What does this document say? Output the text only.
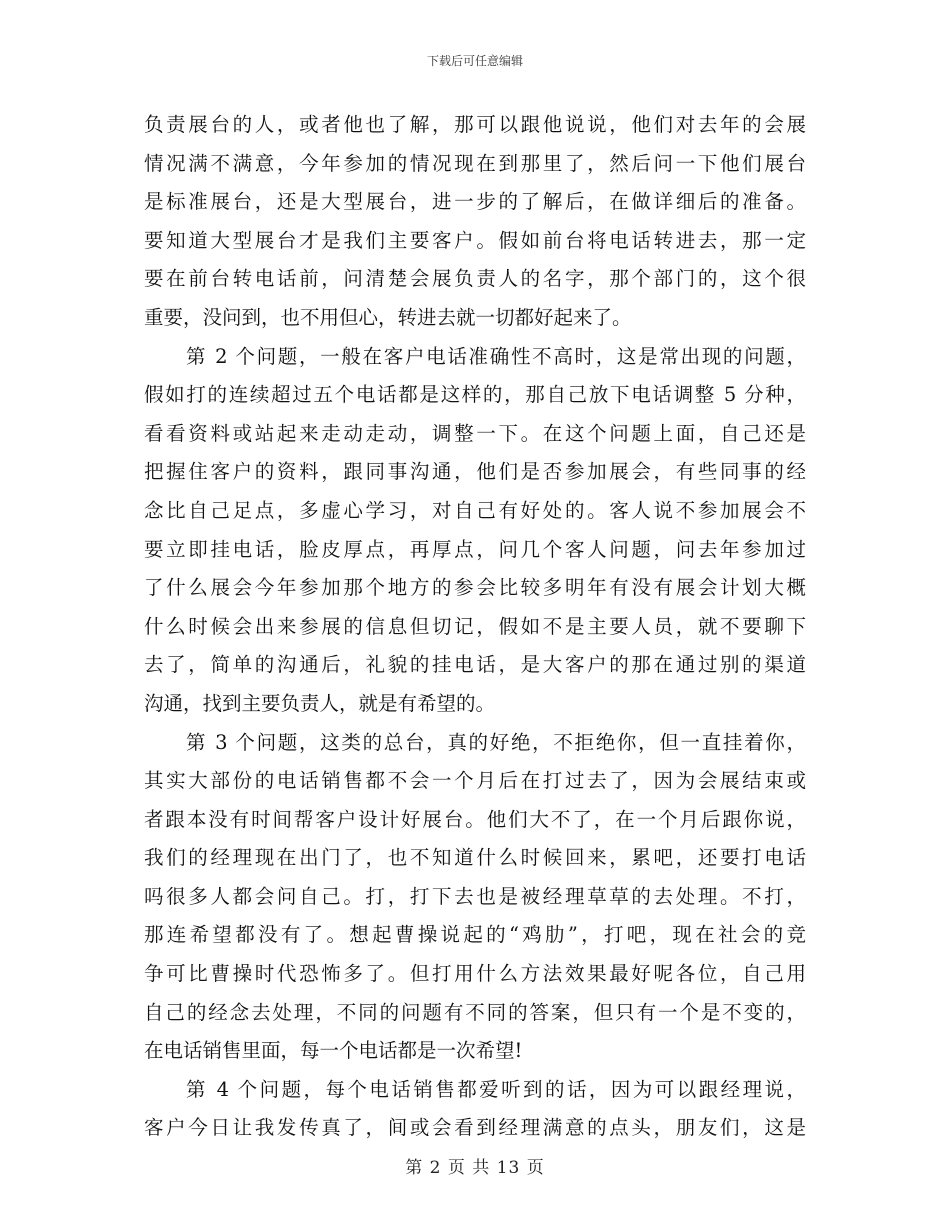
下载后可任意编辑
负责展台的人，或者他也了解，那可以跟他说说，他们对去年的会展
情况满不满意，今年参加的情况现在到那里了，然后问一下他们展台
是标准展台，还是大型展台，进一步的了解后，在做详细后的准备。
要知道大型展台才是我们主要客户。假如前台将电话转进去，那一定
要在前台转电话前，问清楚会展负责人的名字，那个部门的，这个很
重要，没问到，也不用但心，转进去就一切都好起来了。
第 2 个问题，一般在客户电话准确性不高时，这是常出现的问题，
假如打的连续超过五个电话都是这样的，那自己放下电话调整 5 分种，
看看资料或站起来走动走动，调整一下。在这个问题上面，自己还是
把握住客户的资料，跟同事沟通，他们是否参加展会，有些同事的经
念比自己足点，多虚心学习，对自己有好处的。客人说不参加展会不
要立即挂电话，脸皮厚点，再厚点，问几个客人问题，问去年参加过
了什么展会今年参加那个地方的参会比较多明年有没有展会计划大概
什么时候会出来参展的信息但切记，假如不是主要人员，就不要聊下
去了，简单的沟通后，礼貌的挂电话，是大客户的那在通过别的渠道
沟通，找到主要负责人，就是有希望的。
第 3 个问题，这类的总台，真的好绝，不拒绝你，但一直挂着你，
其实大部份的电话销售都不会一个月后在打过去了，因为会展结束或
者跟本没有时间帮客户设计好展台。他们大不了，在一个月后跟你说，
我们的经理现在出门了，也不知道什么时候回来，累吧，还要打电话
吗很多人都会问自己。打，打下去也是被经理草草的去处理。不打，
那连希望都没有了。想起曹操说起的“鸡肋”，打吧，现在社会的竞
争可比曹操时代恐怖多了。但打用什么方法效果最好呢各位，自己用
自己的经念去处理，不同的问题有不同的答案，但只有一个是不变的，
在电话销售里面，每一个电话都是一次希望!
第 4 个问题，每个电话销售都爱听到的话，因为可以跟经理说，
客户今日让我发传真了，间或会看到经理满意的点头，朋友们，这是
第 2 页 共 13 页
